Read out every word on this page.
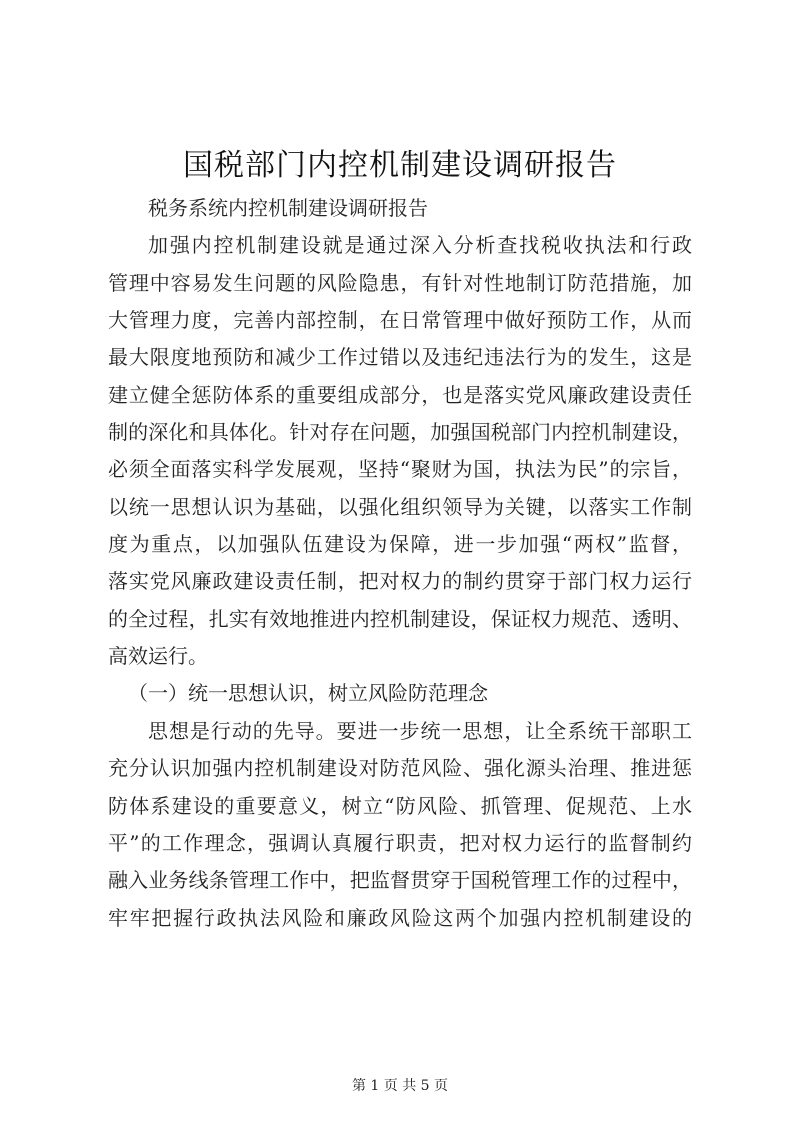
国税部门内控机制建设调研报告
税务系统内控机制建设调研报告
加强内控机制建设就是通过深入分析查找税收执法和行政
管理中容易发生问题的风险隐患，有针对性地制订防范措施，加
大管理力度，完善内部控制，在日常管理中做好预防工作，从而
最大限度地预防和减少工作过错以及违纪违法行为的发生，这是
建立健全惩防体系的重要组成部分，也是落实党风廉政建设责任
制的深化和具体化。针对存在问题，加强国税部门内控机制建设，
必须全面落实科学发展观，坚持“聚财为国，执法为民”的宗旨，
以统一思想认识为基础，以强化组织领导为关键，以落实工作制
度为重点，以加强队伍建设为保障，进一步加强“两权”监督，
落实党风廉政建设责任制，把对权力的制约贯穿于部门权力运行
的全过程，扎实有效地推进内控机制建设，保证权力规范、透明、
高效运行。
（一）统一思想认识，树立风险防范理念
思想是行动的先导。要进一步统一思想，让全系统干部职工
充分认识加强内控机制建设对防范风险、强化源头治理、推进惩
防体系建设的重要意义，树立“防风险、抓管理、促规范、上水
平”的工作理念，强调认真履行职责，把对权力运行的监督制约
融入业务线条管理工作中，把监督贯穿于国税管理工作的过程中，
牢牢把握行政执法风险和廉政风险这两个加强内控机制建设的
第 1 页 共 5 页
